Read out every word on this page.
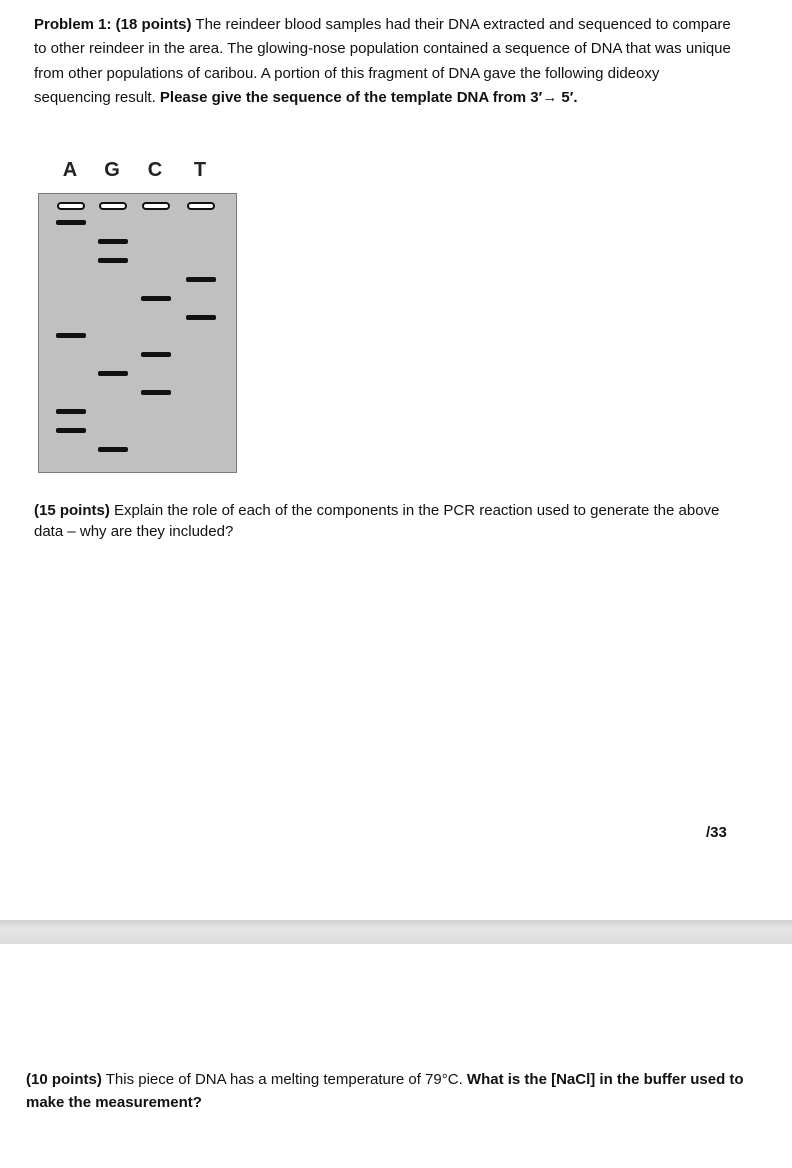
Problem 1: (18 points) The reindeer blood samples had their DNA extracted and sequenced to compare to other reindeer in the area. The glowing-nose population contained a sequence of DNA that was unique from other populations of caribou. A portion of this fragment of DNA gave the following dideoxy sequencing result. Please give the sequence of the template DNA from 3′→ 5′.
A G C T
(15 points) Explain the role of each of the components in the PCR reaction used to generate the above data – why are they included?
/33
(10 points) This piece of DNA has a melting temperature of 79°C. What is the [NaCl] in the buffer used to make the measurement?
